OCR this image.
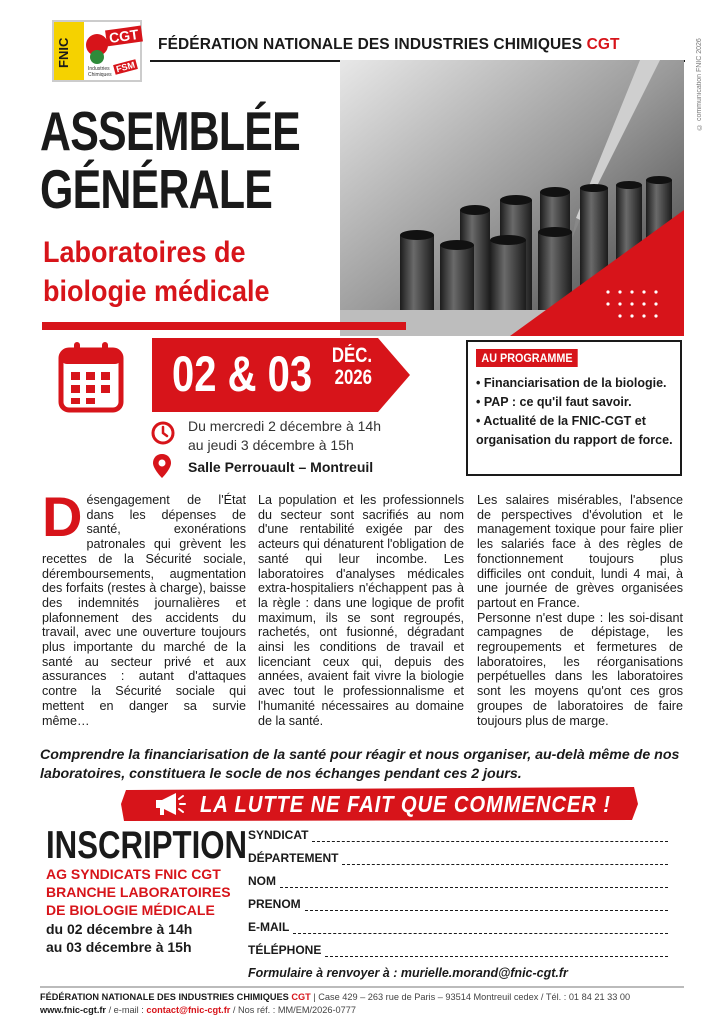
FNIC
CGT
FSM
Industries Chimiques
FÉDÉRATION NATIONALE DES INDUSTRIES CHIMIQUES CGT	© communication FNIC 2026
ASSEMBLÉE
GÉNÉRALE
Laboratoires de
biologie médicale
02 & 03 DÉC.
2026
Du mercredi 2 décembre à 14h
au jeudi 3 décembre à 15h
Salle Perrouault – Montreuil
AU PROGRAMME
• Financiarisation de la biologie.
• PAP : ce qu'il faut savoir.
• Actualité de la FNIC-CGT et organisation du rapport de force.
Désengagement de l'État dans les dépenses de santé, exonérations patronales qui grèvent les recettes de la Sécurité sociale, déremboursements, augmentation des forfaits (restes à charge), baisse des indemnités journalières et plafonnement des accidents du travail, avec une ouverture toujours plus importante du marché de la santé au secteur privé et aux assurances : autant d'attaques contre la Sécurité sociale qui mettent en danger sa survie même…
La population et les professionnels du secteur sont sacrifiés au nom d'une rentabilité exigée par des acteurs qui dénaturent l'obligation de santé qui leur incombe. Les laboratoires d'analyses médicales extra-hospitaliers n'échappent pas à la règle : dans une logique de profit maximum, ils se sont regroupés, rachetés, ont fusionné, dégradant ainsi les conditions de travail et licenciant ceux qui, depuis des années, avaient fait vivre la biologie avec tout le professionnalisme et l'humanité nécessaires au domaine de la santé.
Les salaires misérables, l'absence de perspectives d'évolution et le management toxique pour faire plier les salariés face à des règles de fonctionnement toujours plus difficiles ont conduit, lundi 4 mai, à une journée de grèves organisées partout en France.
Personne n'est dupe : les soi-disant campagnes de dépistage, les regroupements et fermetures de laboratoires, les réorganisations perpétuelles dans les laboratoires sont les moyens qu'ont ces gros groupes de laboratoires de faire toujours plus de marge.
Comprendre la financiarisation de la santé pour réagir et nous organiser, au-delà même de nos laboratoires, constituera le socle de nos échanges pendant ces 2 jours.
LA LUTTE NE FAIT QUE COMMENCER !
INSCRIPTION
AG SYNDICATS FNIC CGT
BRANCHE LABORATOIRES
DE BIOLOGIE MÉDICALE
du 02 décembre à 14h
au 03 décembre à 15h
SYNDICAT
DÉPARTEMENT
NOM
PRENOM
E-MAIL
TÉLÉPHONE
Formulaire à renvoyer à : murielle.morand@fnic-cgt.fr
FÉDÉRATION NATIONALE DES INDUSTRIES CHIMIQUES CGT | Case 429 – 263 rue de Paris – 93514 Montreuil cedex / Tél. : 01 84 21 33 00
www.fnic-cgt.fr / e-mail : contact@fnic-cgt.fr / Nos réf. : MM/EM/2026-0777
